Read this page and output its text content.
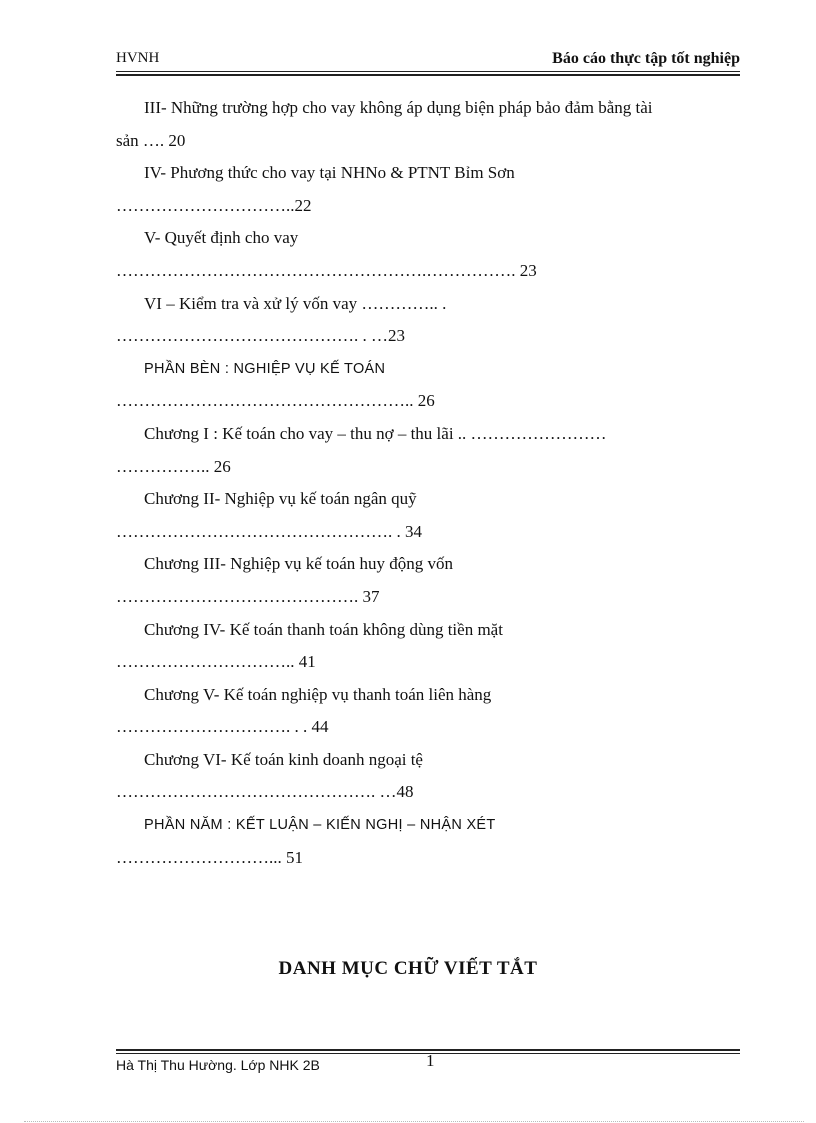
HVNH	Báo cáo thực tập tốt nghiệp

III- Những trường hợp cho vay không áp dụng biện pháp bảo đảm bằng tài

sản …. 20

IV- Phương thức cho vay tại NHNo & PTNT Bỉm Sơn

…………………………..22

V- Quyết định cho vay

……………………………………………….……………. 23

VI – Kiểm tra và xử lý vốn vay ………….. .

……………………………………. . …23

PHẦN BÈN : NGHIỆP VỤ KẾ TOÁN

…………………………………………….. 26

Chương I : Kế toán cho vay – thu nợ – thu lãi .. ……………………

…………….. 26

Chương II- Nghiệp vụ kế toán ngân quỹ

…………………………………………. . 34

Chương III- Nghiệp vụ kế toán huy động vốn

……………………………………. 37

Chương IV- Kế toán thanh toán không dùng tiền mặt

………………………….. 41

Chương V- Kế toán nghiệp vụ thanh toán liên hàng

…………………………. . . 44

Chương VI- Kế toán kinh doanh ngoại tệ

………………………………………. …48

PHẦN NĂM : KẾT LUẬN – KIẾN NGHỊ – NHẬN XÉT

………………………... 51

DANH MỤC CHỮ VIẾT TẮT
Hà Thị Thu Hường. Lớp NHK 2B	1
